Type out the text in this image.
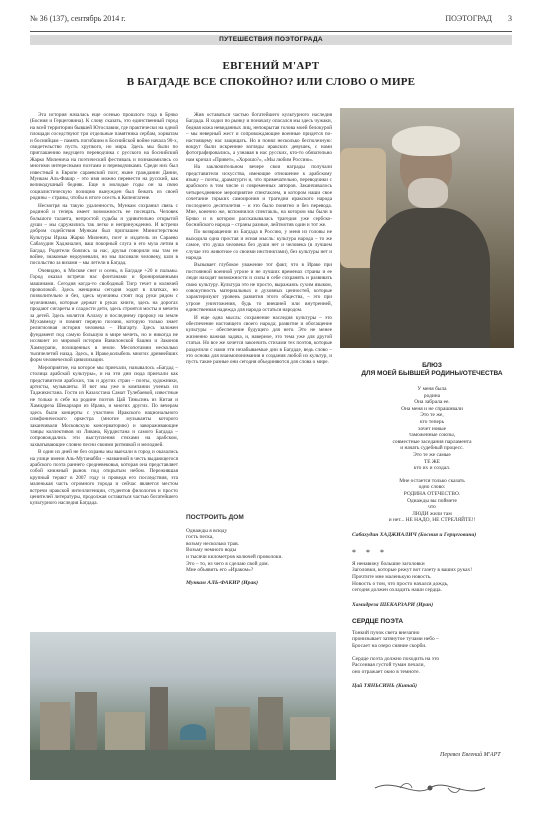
№ 36 (137), сентябрь 2014 г.	ПОЭТОГРАД 3
ПУТЕШЕСТВИЯ ПОЭТОГРАДА
ЕВГЕНИЙ М'АРТ
В БАГДАДЕ ВСЕ СПОКОЙНО? ИЛИ СЛОВО О МИРЕ

Эта история началась еще осенью прошлого года в Брчко (Босния и Герцеговина). К слову сказать, это единственный город на всей территории бывшей Югославии, где практически на одной площади соседствуют три отдельные памятника сербам, хорватам и боснийцам – память погибшим в Боснийской войне начала 90-х, свидетельство пусть хрупкого, но мира. Здесь мы были по приглашению ведущего переводчика с русского на боснийский Жарко Миленича на поэтический фестиваль и познакомились со многими интересными поэтами и переводчиками. Среди них был известный в Европе сараевский поэт, ныне гражданин Дании, Мункам Аль-Факир – это имя можно перевести на русский, как великодушный бедняк. Еще в молодые годы он за свою социалистическую позицию вынужден был бежать из своей родины – страны, чтобы в итоге осесть в Копенгагене.

Несмотря на такую удаленность, Мункам сохранил связь с родиной и теперь имеет возможность ее посещать. Человек большого таланта, непростой судьбы и удивительно открытой души – мы сдружились так легко и непринужденно. И встречи добром содействия Мункам был приглашен Министерством Культуры Ирака Жарко Миленич, поэт и издатель из Сараево Сабахудин Хаджиалич, ваш покорный слуга и его муза летим в Багдад. Родители боялись за нас, друзья говорили мы там не войне, знакомые недоумевали, но мы пасовали человеку, шли в посольство за визами – мы летели в Багдад.

Очевидно, в Москве снег и осень, в Багдаде +20 и пальмы. Город оказал встречи нас фонтанами и бронированными машинами. Сегодня когда-то свободный Тигр течет в колючей проволокой. Здесь женщины сегодня ходят в платках, но позволительно и без, здесь мужчины стоят под руки рядом с мужчинами, которые держат в руках книги, здесь на дорогах продают сигареты и сладости дети, здесь строятся мосты и мечети за детей. Здесь молятся Аллаху и последнему пророку на земле Мухаммеду и помнят первую поэзию, которую только знает религиозная история человека – Ишгарту. Здесь заложен фундамент под самую большую в мире мечеть, но и никогда не иссякнет из мировой истории Вавилонской башни и Законов Хаммурапи, похищенных в земле. Месопотамии несколько тысячелетий назад. Здесь, в Ираке,колыбель многих древнейших форм человеческой цивилизации.

Мероприятие, на которое мы приехали, называлось «Багдад – столица арабской культуры», и на эти дни сюда приехали как представители арабских, так и других стран – поэты, художники, артисты, музыканты. И вот мы уже в компании ученых из Таджикистана. Гости из Казахстана Самат Тулебаевой, известные не только в себе на родине поэтов Цай Тяньсинь из Китая и Хамидреза Шекарзари из Ирана, и многих других. По вечерам здесь были концерты с участием Иракского национального симфонического оркестра (многие музыканты которого заканчивали Московскую консерваторию) и завораживающие танцы коллективов из Ливана, Курдистана и самого Багдада – сопровождались эти выступления стихами на арабском, захватывающие словно песни своими ритмикой и мелодией.

В один из дней не без охраны мы выехали в город и оказались на улице имени Аль-Мутанабби – названной в честь выдающегося арабского поэта раннего средневековья, которая она представляет собой книжный рынок под открытым небом. Пережившая крупный теракт в 2007 году и проведя его последствия, эта маленькая часть огромного города и сейчас является местом встречи иракской интеллигенции, студентов филологов и просто ценителей литературы, продолжая оставаться частью богатейшего культурного наследия Багдада.

Жив оставаться частью богатейшего культурного наследия Багдада. Я ходил по рынку и поначалу опасался мы здесь чужаки, бедная кожа невиданных лиц, непокрытая голова моей белокурой – мы неверный жест и сопровождающие военные придется по-настоящему нас защищать. Но я понял несколько бесполезную: вокруг были искренние взгляды иракских девушек, с нами фотографировались, а узнавая в нас русских, кто-то обязательно нам кричал «Привет», «Хорошо?», «Мы любим Россию».

На заключительном вечере свои награды получали представители искусства, имеющие отношение к арабскому языку – поэты, драматурги и, что примечательно, переводчики с арабского в том числе и современных авторов. Заканчивалось четырехдневное мероприятие спектаклем, в котором наши свое сочетание горьких самоирония и трагедии иракского народа последнего десятилетия – и это было понятно и без перевода. Мне, конечно же, вспомнился спектакль, на котором мы были в Брчко и в котором рассказывалась трагедия уже сербско-боснийского народа – страны разные, лейтмотив один и тот же.

По возвращении из Багдада в Россию, у меня из головы не выходила одна простая и ясная мысль: культура народа – то же самое, что душа человека без души нет и человека (в лучшем случае это животное со своими инстинктами), без культуры нет и народа.

Вызывает глубокое уважение тот факт, что в Ираке при постоянной военной угрозе и не лучших временах страны и ее люди находят возможности и силы в себе сохранять и развивать свою культуру. Культура это не просто, выражаясь сухим языком, совокупность материальных и духовных ценностей, которые характеризуют уровень развития этого общества, – это при угрозе уничтожения, будь то внешней или внутренней, единственная надежда для народа остаться народом.

И еще одна мысль: сохранение наследия культуры – это обеспечение настоящего своего народа; развитие и обогащение культуры – обеспечение будущего для него. Это не менее жизненно важная задача, и, наверное, это тема уже для другой статьи. Но все же хочется закончить стихами тех поэтов, которые разделили с нами эти незабываемые дни в Багдаде, ведь слово – это основа для взаимопонимания и создания любой из культур, и пусть такие разные они сегодня объединяются для слова о мире.

ПОСТРОИТЬ ДОМ
Однажды я всюду
гость песка,
возьму несколько трав.
Возьму немного воды
и тысячи километров колючей проволоки.
Это – то, из чего я сделаю свой дом.
Мне объявить его «Ираком»?
Мункам АЛЬ-ФАКИР (Ирак)
БЛЮЗ
ДЛЯ МОЕЙ БЫВШЕЙ РОДИНЫ/ОТЕЧЕСТВА
У меня была
родина
Она забрала ее.
Она меня и не спрашивали
Это те же,
кто теперь
хочет новые
таможенные союзы,
совместные заседания парламента
и начать судебный процесс.
Это те же самые
ТЕ ЖЕ
кто их и создал.
Мне остается только сказать
одно слово:
РОДИНА ОТЕЧЕСТВО.
Однажды вы поймете
что
ЛЮДИ жили там
и нет... НЕ НАДО, НЕ СТРЕЛЯЙТЕ!!
Сабахудин ХАДЖИАЛИЧ (Босния и Герцеговина)
* * *
Я ненавижу большие заголовки
Заголовки, которые режут вот газету в ваших руках!
Прочтите мне маленькую новость.
Новость о том, что просто начался дождь,
сегодня должен охладить наши сердца.
Хамидреза ШЕКАРЗАРИ (Иран)
СЕРДЦЕ ПОЭТА
Тонкий пучок света внезапно
пронизывает затянутое тучами небо –
Бросает на озеро сияние скорби.
Сердце поэта должно походить на это
Рассеивая густой туман печали,
оно отражает окно в темноте.
Цай ТЯНЬСИНЬ (Китай)
Перевел Евгений М'АРТ
